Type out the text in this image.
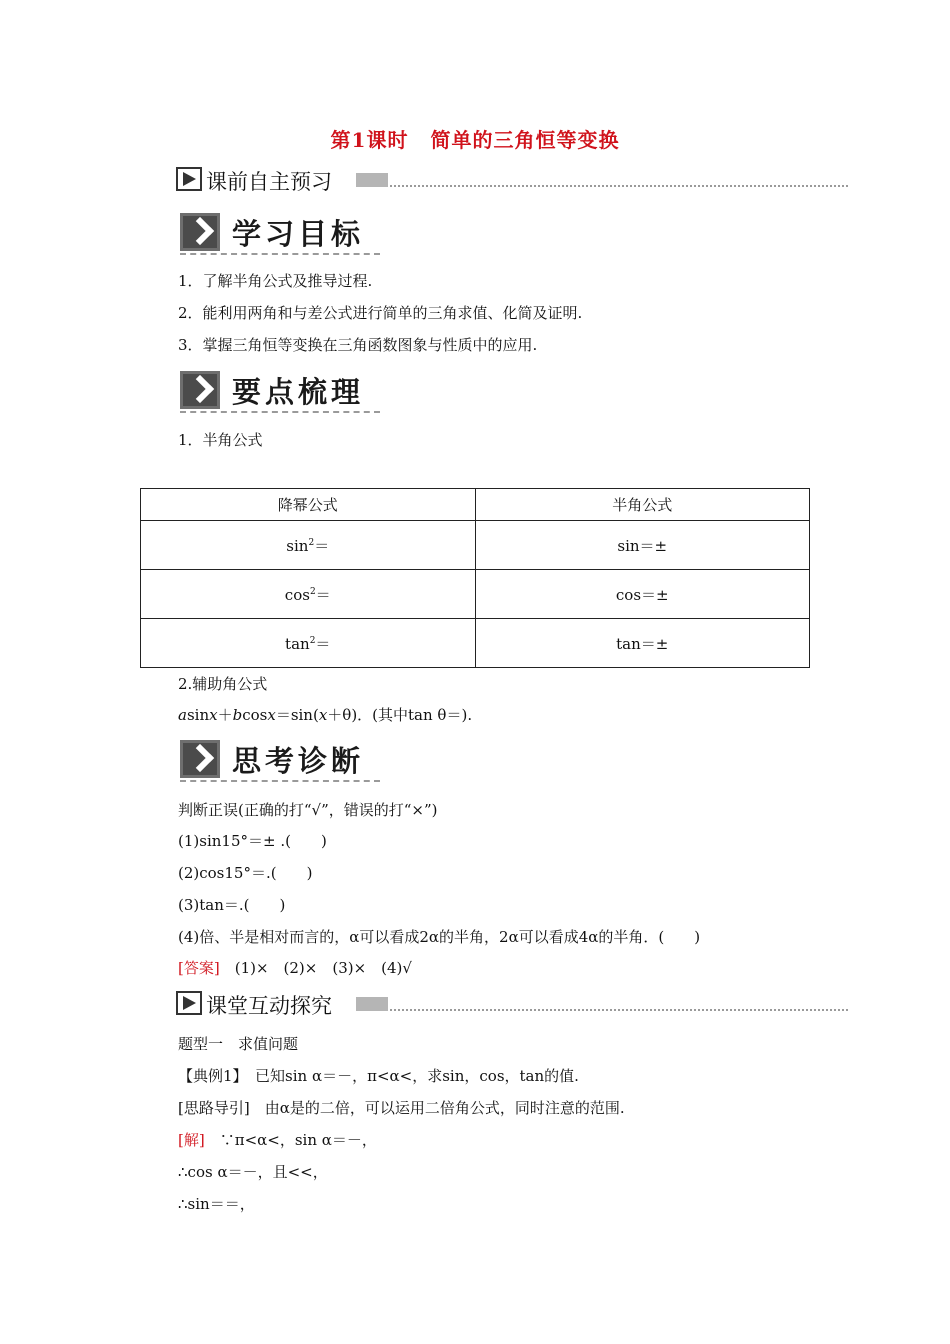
第1课时 简单的三角恒等变换
课前自主预习
学习目标
1．了解半角公式及推导过程.
2．能利用两角和与差公式进行简单的三角求值、化简及证明.
3．掌握三角恒等变换在三角函数图象与性质中的应用.
要点梳理
1．半角公式
降幂公式	半角公式
$\sin^2=$	sin＝±
$\cos^2=$	cos＝±
$\tan^2=$	tan＝±
2.辅助角公式
asinx＋bcosx＝sin(x＋θ)．(其中tan θ＝).
思考诊断
判断正误(正确的打“√”，错误的打“×”)
(1)sin15°＝± .(　　)
(2)cos15°＝.(　　)
(3)tan＝.(　　)
(4)倍、半是相对而言的，α可以看成2α的半角，2α可以看成4α的半角．(　　)
[答案]　(1)×　(2)×　(3)×　(4)√
课堂互动探究
题型一　求值问题
【典例1】　已知sin α＝－，π<α<，求sin，cos，tan的值.
[思路导引]　由α是的二倍，可以运用二倍角公式，同时注意的范围.
[解]　∵π<α<，sin α＝－，
∴cos α＝－，且<<，
∴sin＝＝，
